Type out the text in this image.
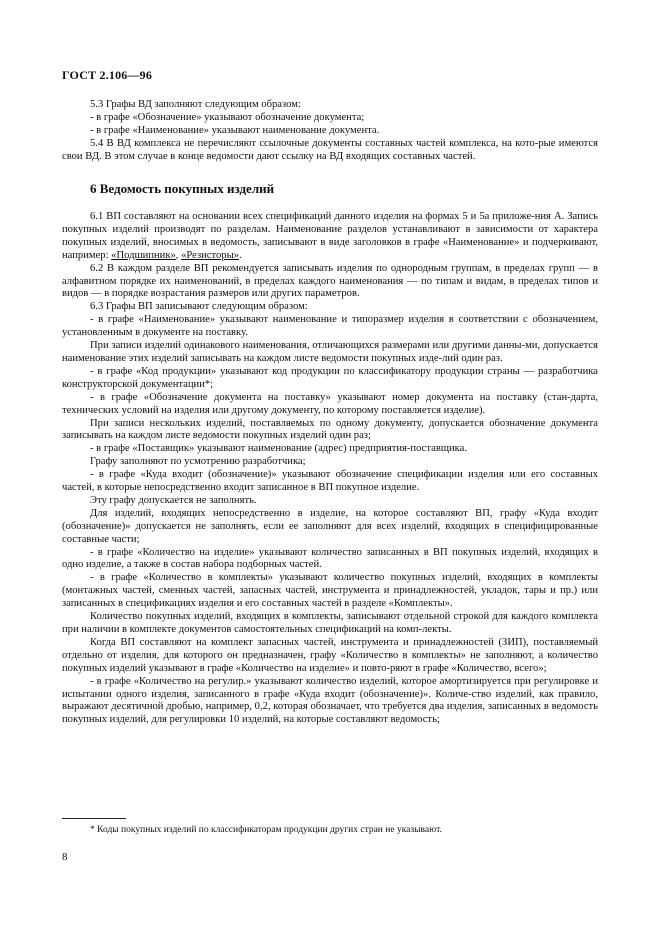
ГОСТ 2.106—96

5.3 Графы ВД заполняют следующим образом:

- в графе «Обозначение» указывают обозначение документа;

- в графе «Наименование» указывают наименование документа.

5.4 В ВД комплекса не перечисляют ссылочные документы составных частей комплекса, на кото-рые имеются свои ВД. В этом случае в конце ведомости дают ссылку на ВД входящих составных частей.

6 Ведомость покупных изделий

6.1 ВП составляют на основании всех спецификаций данного изделия на формах 5 и 5а приложе-ния А. Запись покупных изделий производят по разделам. Наименование разделов устанавливают в зависимости от характера покупных изделий, вносимых в ведомость, записывают в виде заголовков в графе «Наименование» и подчеркивают, например: «Подшипник», «Резисторы».

6.2 В каждом разделе ВП рекомендуется записывать изделия по однородным группам, в пределах групп — в алфавитном порядке их наименований, в пределах каждого наименования — по типам и видам, в пределах типов и видов — в порядке возрастания размеров или других параметров.

6.3 Графы ВП записывают следующим образом:

- в графе «Наименование» указывают наименование и типоразмер изделия в соответствии с обозначением, установленным в документе на поставку.

При записи изделий одинакового наименования, отличающихся размерами или другими данны-ми, допускается наименование этих изделий записывать на каждом листе ведомости покупных изде-лий один раз.

- в графе «Код продукции» указывают код продукции по классификатору продукции страны — разработчика конструкторской документации*;

- в графе «Обозначение документа на поставку» указывают номер документа на поставку (стан-дарта, технических условий на изделия или другому документу, по которому поставляется изделие).

При записи нескольких изделий, поставляемых по одному документу, допускается обозначение документа записывать на каждом листе ведомости покупных изделий один раз;

- в графе «Поставщик» указывают наименование (адрес) предприятия-поставщика.

Графу заполняют по усмотрению разработчика;

- в графе «Куда входит (обозначение)» указывают обозначение спецификации изделия или его составных частей, в которые непосредственно входит записанное в ВП покупное изделие.

Эту графу допускается не заполнять.

Для изделий, входящих непосредственно в изделие, на которое составляют ВП, графу «Куда входит (обозначение)» допускается не заполнять, если ее заполняют для всех изделий, входящих в специфицированные составные части;

- в графе «Количество на изделие» указывают количество записанных в ВП покупных изделий, входящих в одно изделие, а также в состав набора подборных частей.

- в графе «Количество в комплекты» указывают количество покупных изделий, входящих в комплекты (монтажных частей, сменных частей, запасных частей, инструмента и принадлежностей, укладок, тары и пр.) или записанных в спецификациях изделия и его составных частей в разделе «Комплекты».

Количество покупных изделий, входящих в комплекты, записывают отдельной строкой для каждого комплекта при наличии в комплекте документов самостоятельных спецификаций на комп-лекты.

Когда ВП составляют на комплект запасных частей, инструмента и принадлежностей (ЗИП), поставляемый отдельно от изделия, для которого он предназначен, графу «Количество в комплекты» не заполняют, а количество покупных изделий указывают в графе «Количество на изделие» и повто-ряют в графе «Количество, всего»;

- в графе «Количество на регулир.» указывают количество изделий, которое амортизируется при регулировке и испытании одного изделия, записанного в графе «Куда входит (обозначение)». Количе-ство изделий, как правило, выражают десятичной дробью, например, 0,2, которая обозначает, что требуется два изделия, записанных в ведомость покупных изделий, для регулировки 10 изделий, на которые составляют ведомость;

* Коды покупных изделий по классификаторам продукции других стран не указывают.
8
